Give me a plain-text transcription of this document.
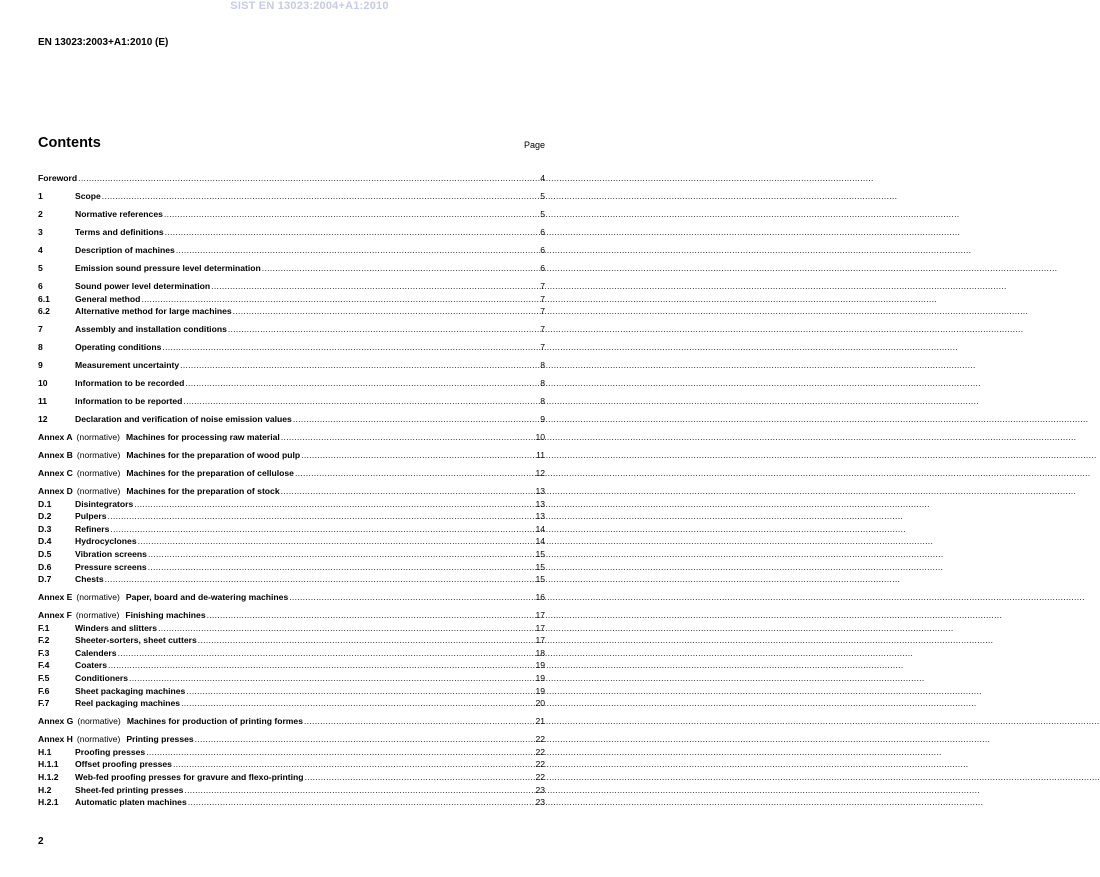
SIST EN 13023:2004+A1:2010
EN 13023:2003+A1:2010 (E)
Contents	Page
Foreword .....	4
1	Scope .....	5
2	Normative references .....	5
3	Terms and definitions .....	6
4	Description of machines .....	6
5	Emission sound pressure level determination .....	6
6	Sound power level determination .....	7
6.1	General method .....	7
6.2	Alternative method for large machines .....	7
7	Assembly and installation conditions .....	7
8	Operating conditions .....	7
9	Measurement uncertainty .....	8
10	Information to be recorded .....	8
11	Information to be reported .....	8
12	Declaration and verification of noise emission values .....	9
Annex A (normative) Machines for processing raw material .....	10
Annex B (normative) Machines for the preparation of wood pulp .....	11
Annex C (normative) Machines for the preparation of cellulose .....	12
Annex D (normative) Machines for the preparation of stock .....	13
D.1	Disintegrators .....	13
D.2	Pulpers .....	13
D.3	Refiners .....	14
D.4	Hydrocyclones .....	14
D.5	Vibration screens .....	15
D.6	Pressure screens .....	15
D.7	Chests .....	15
Annex E (normative) Paper, board and de-watering machines .....	16
Annex F (normative) Finishing machines .....	17
F.1	Winders and slitters .....	17
F.2	Sheeter-sorters, sheet cutters .....	17
F.3	Calenders .....	18
F.4	Coaters .....	19
F.5	Conditioners .....	19
F.6	Sheet packaging machines .....	19
F.7	Reel packaging machines .....	20
Annex G (normative) Machines for production of printing formes .....	21
Annex H (normative) Printing presses .....	22
H.1	Proofing presses .....	22
H.1.1	Offset proofing presses .....	22
H.1.2	Web-fed proofing presses for gravure and flexo-printing .....	22
H.2	Sheet-fed printing presses .....	23
H.2.1	Automatic platen machines .....	23
2
